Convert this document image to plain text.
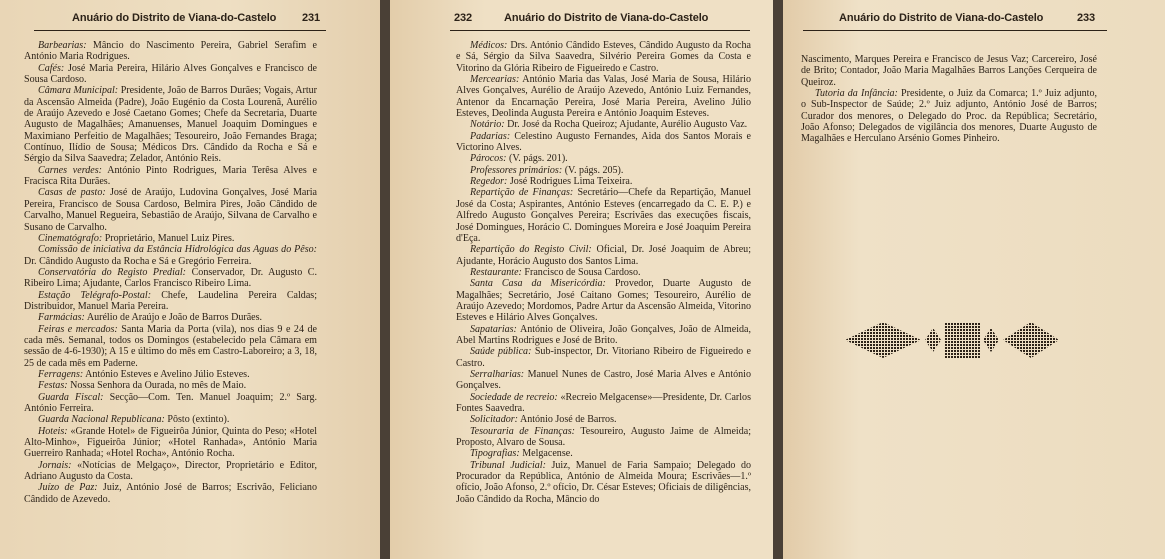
Anuário do Distrito de Viana-do-Castelo 231

Barbearias: Mâncio do Nascimento Pereira, Gabriel Serafim e António Maria Rodrigues.

Cafés: José Maria Pereira, Hilário Alves Gonçalves e Francisco de Sousa Cardoso.

Câmara Municipal: Presidente, João de Barros Durães; Vogais, Artur da Ascensão Almeida (Padre), João Eugénio da Costa Lourenã, Aurélio de Araújo Azevedo e José Caetano Gomes; Chefe da Secretaria, Duarte Augusto de Magalhães; Amanuenses, Manuel Joaquim Domingues e Maximiano Perfeitio de Magalhães; Tesoureiro, João Fernandes Braga; Contínuo, Ilídio de Sousa; Médicos Drs. Cândido da Rocha e Sá e Sérgio da Silva Saavedra; Zelador, António Reis.

Carnes verdes: António Pinto Rodrigues, Maria Terêsa Alves e Fracisca Rita Durães.

Casas de pasto: José de Araújo, Ludovina Gonçalves, José Maria Pereira, Francisco de Sousa Cardoso, Belmira Pires, João Cândido de Carvalho, Manuel Regueira, Sebastião de Araújo, Silvana de Carvalho e Susano de Carvalho.

Cinematógrafo: Proprietário, Manuel Luiz Pires.

Comissão de iniciativa da Estância Hidrológica das Aguas do Pêso: Dr. Cândido Augusto da Rocha e Sá e Gregório Ferreira.

Conservatória do Registo Predial: Conservador, Dr. Augusto C. Ribeiro Lima; Ajudante, Carlos Francisco Ribeiro Lima.

Estação Telégrafo-Postal: Chefe, Laudelina Pereira Caldas; Distribuidor, Manuel Maria Pereira.

Farmácias: Aurélio de Araújo e João de Barros Durães.

Feiras e mercados: Santa Maria da Porta (vila), nos dias 9 e 24 de cada mês. Semanal, todos os Domingos (estabelecido pela Câmara em sessão de 4-6-1930); A 15 e último do mês em Castro-Laboreiro; a 3, 18, 25 de cada mês em Paderne.

Ferragens: António Esteves e Avelino Júlio Esteves.

Festas: Nossa Senhora da Ourada, no mês de Maio.

Guarda Fiscal: Secção—Com. Ten. Manuel Joaquim; 2.º Sarg. António Ferreira.

Guarda Nacional Republicana: Pôsto (extinto).

Hoteis: «Grande Hotel» de Figueirôa Júnior, Quinta do Peso; «Hotel Alto-Minho», Figueirôa Júnior; «Hotel Ranhada», António Maria Guerreiro Ranhada; «Hotel Rocha», António Rocha.

Jornais: «Notícias de Melgaço», Director, Proprietário e Editor, Adriano Augusto da Costa.

Juízo de Paz: Juiz, António José de Barros; Escrivão, Feliciano Cândido de Azevedo.

232	Anuário do Distrito de Viana-do-Castelo

Médicos: Drs. António Cândido Esteves, Cândido Augusto da Rocha e Sá, Sérgio da Silva Saavedra, Silvério Pereira Gomes da Costa e Vitorino da Glória Ribeiro de Figueiredo e Castro.

Mercearias: António Maria das Valas, José Maria de Sousa, Hilário Alves Gonçalves, Aurélio de Araújo Azevedo, António Luiz Fernandes, Antenor da Encarnação Pereira, José Maria Pereira, Avelino Júlio Esteves, Deolinda Augusta Pereira e António Joaquim Esteves.

Notário: Dr. José da Rocha Queiroz; Ajudante, Aurélio Augusto Vaz.

Padarias: Celestino Augusto Fernandes, Aida dos Santos Morais e Victorino Alves.

Párocos: (V. págs. 201).

Professores primários: (V. págs. 205).

Regedor: José Rodrigues Lima Teixeira.

Repartição de Finanças: Secretário—Chefe da Repartição, Manuel José da Costa; Aspirantes, António Esteves (encarregado da C. E. P.) e Alfredo Augusto Gonçalves Pereira; Escrivães das execuções fiscais, José Domingues, Horácio C. Domingues Moreira e José Joaquim Pereira d'Eça.

Repartição do Registo Civil: Oficial, Dr. José Joaquim de Abreu; Ajudante, Horácio Augusto dos Santos Lima.

Restaurante: Francisco de Sousa Cardoso.

Santa Casa da Misericórdia: Provedor, Duarte Augusto de Magalhães; Secretário, José Caitano Gomes; Tesoureiro, Aurélio de Araújo Azevedo; Mordomos, Padre Artur da Ascensão Almeida, Vitorino Esteves e Hilário Alves Gonçalves.

Sapatarias: António de Oliveira, João Gonçalves, João de Almeida, Abel Martins Rodrigues e José de Brito.

Saúde pública: Sub-inspector, Dr. Vitoriano Ribeiro de Figueiredo e Castro.

Serralharias: Manuel Nunes de Castro, José Maria Alves e António Gonçalves.

Sociedade de recreio: «Recreio Melgacense»—Presidente, Dr. Carlos Fontes Saavedra.

Solicitador: António José de Barros.

Tesouraria de Finanças: Tesoureiro, Augusto Jaime de Almeida; Proposto, Alvaro de Sousa.

Tipografias: Melgacense.

Tribunal Judicial: Juiz, Manuel de Faria Sampaio; Delegado do Procurador da República, António de Almeida Moura; Escrivães—1.º ofício, João Afonso, 2.º ofício, Dr. César Esteves; Oficiais de diligências, João Cândido da Rocha, Mâncio do

Anuário do Distrito de Viana-do-Castelo	233

Nascimento, Marques Pereira e Francisco de Jesus Vaz; Carcereiro, José de Brito; Contador, João Maria Magalhães Barros Lanções Cerqueira de Queiroz.

Tutoria da Infância: Presidente, o Juiz da Comarca; 1.º Juiz adjunto, o Sub-Inspector de Saúde; 2.º Juiz adjunto, António José de Barros; Curador dos menores, o Delegado do Proc. da República; Secretário, João Afonso; Delegados de vigilância dos menores, Duarte Augusto de Magalhães e Herculano Arsénio Gomes Pinheiro.
